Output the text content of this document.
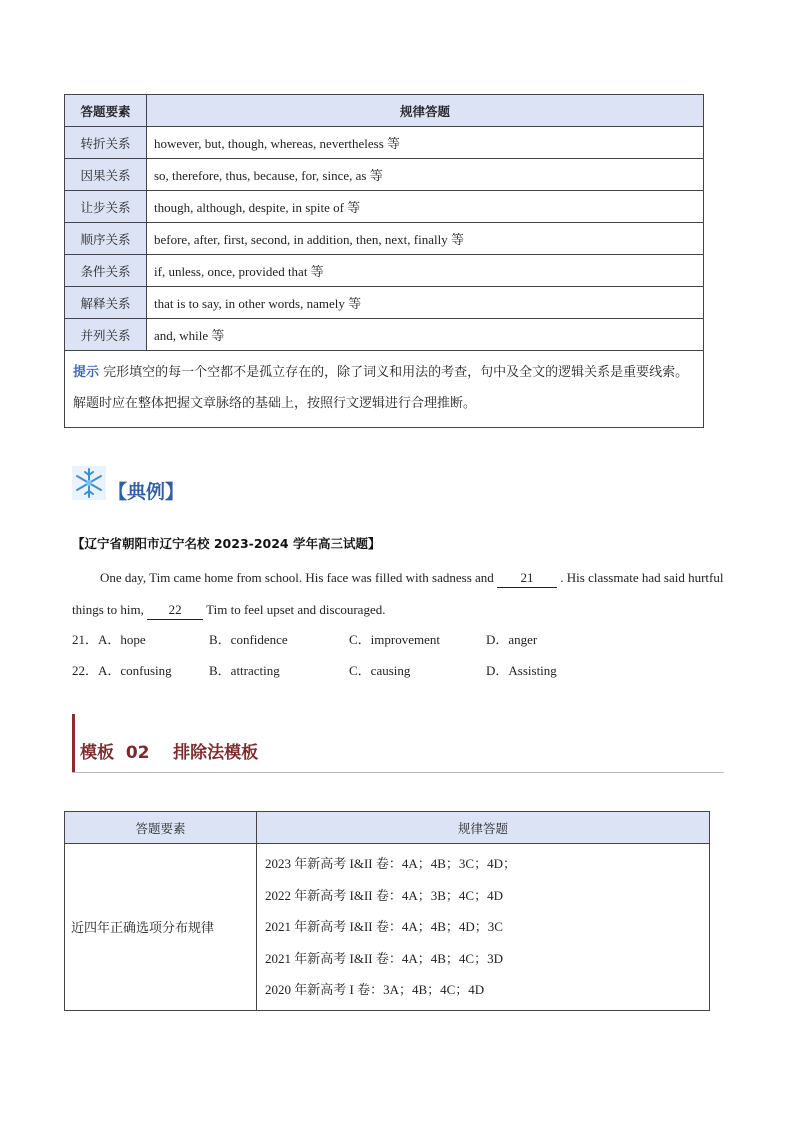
答题要素	规律答题
转折关系	however, but, though, whereas, nevertheless 等
因果关系	so, therefore, thus, because, for, since, as 等
让步关系	though, although, despite, in spite of 等
顺序关系	before, after, first, second, in addition, then, next, finally 等
条件关系	if, unless, once, provided that 等
解释关系	that is to say, in other words, namely 等
并列关系	and, while 等
提示 完形填空的每一个空都不是孤立存在的，除了词义和用法的考查，句中及全文的逻辑关系是重要线索。解题时应在整体把握文章脉络的基础上，按照行文逻辑进行合理推断。	
【典例】
【辽宁省朝阳市辽宁名校 2023-2024 学年高三试题】
One day, Tim came home from school. His face was filled with sadness and 21 . His classmate had said hurtful things to him, 22 Tim to feel upset and discouraged.
21．A．hope	B．confidence	C．improvement	D．anger
22．A．confusing	B．attracting	C．causing	D．Assisting
模板  02    排除法模板
答题要素	规律答题
近四年正确选项分布规律	2023 年新高考 I&II 卷：4A；4B；3C；4D；
2022 年新高考 I&II 卷：4A；3B；4C；4D
2021 年新高考 I&II 卷：4A；4B；4D；3C
2021 年新高考 I&II 卷：4A；4B；4C；3D
2020 年新高考 I 卷：3A；4B；4C；4D
